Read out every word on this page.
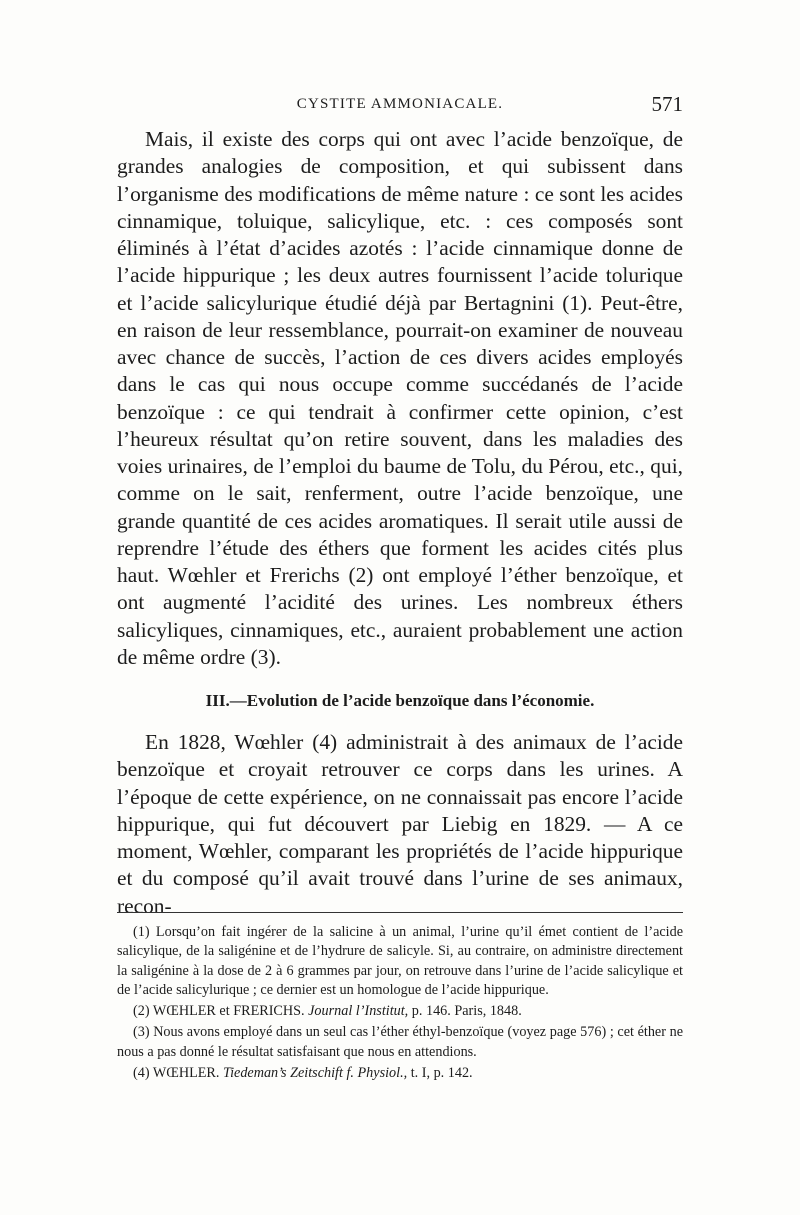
CYSTITE AMMONIACALE.	571

Mais, il existe des corps qui ont avec l’acide benzoïque, de grandes analogies de composition, et qui subissent dans l’organisme des modifications de même nature : ce sont les acides cinnamique, toluique, salicylique, etc. : ces composés sont éliminés à l’état d’acides azotés : l’acide cinnamique donne de l’acide hippurique ; les deux autres fournissent l’acide tolurique et l’acide salicylurique étudié déjà par Bertagnini (1). Peut-être, en raison de leur ressemblance, pourrait-on examiner de nouveau avec chance de succès, l’action de ces divers acides employés dans le cas qui nous occupe comme succédanés de l’acide benzoïque : ce qui tendrait à confirmer cette opinion, c’est l’heureux résultat qu’on retire souvent, dans les maladies des voies urinaires, de l’emploi du baume de Tolu, du Pérou, etc., qui, comme on le sait, renferment, outre l’acide benzoïque, une grande quantité de ces acides aromatiques. Il serait utile aussi de reprendre l’étude des éthers que forment les acides cités plus haut. Wœhler et Frerichs (2) ont employé l’éther benzoïque, et ont augmenté l’acidité des urines. Les nombreux éthers salicyliques, cinnamiques, etc., auraient probablement une action de même ordre (3).

III.—Evolution de l’acide benzoïque dans l’économie.

En 1828, Wœhler (4) administrait à des animaux de l’acide benzoïque et croyait retrouver ce corps dans les urines. A l’époque de cette expérience, on ne connaissait pas encore l’acide hippurique, qui fut découvert par Liebig en 1829. — A ce moment, Wœhler, comparant les propriétés de l’acide hippurique et du composé qu’il avait trouvé dans l’urine de ses animaux, recon-

(1) Lorsqu’on fait ingérer de la salicine à un animal, l’urine qu’il émet contient de l’acide salicylique, de la saligénine et de l’hydrure de salicyle. Si, au contraire, on administre directement la saligénine à la dose de 2 à 6 grammes par jour, on retrouve dans l’urine de l’acide salicylique et de l’acide salicylurique ; ce dernier est un homologue de l’acide hippurique.

(2) WŒHLER et FRERICHS. Journal l’Institut, p. 146. Paris, 1848.

(3) Nous avons employé dans un seul cas l’éther éthyl-benzoïque (voyez page 576) ; cet éther ne nous a pas donné le résultat satisfaisant que nous en attendions.

(4) WŒHLER. Tiedeman’s Zeitschift f. Physiol., t. I, p. 142.
